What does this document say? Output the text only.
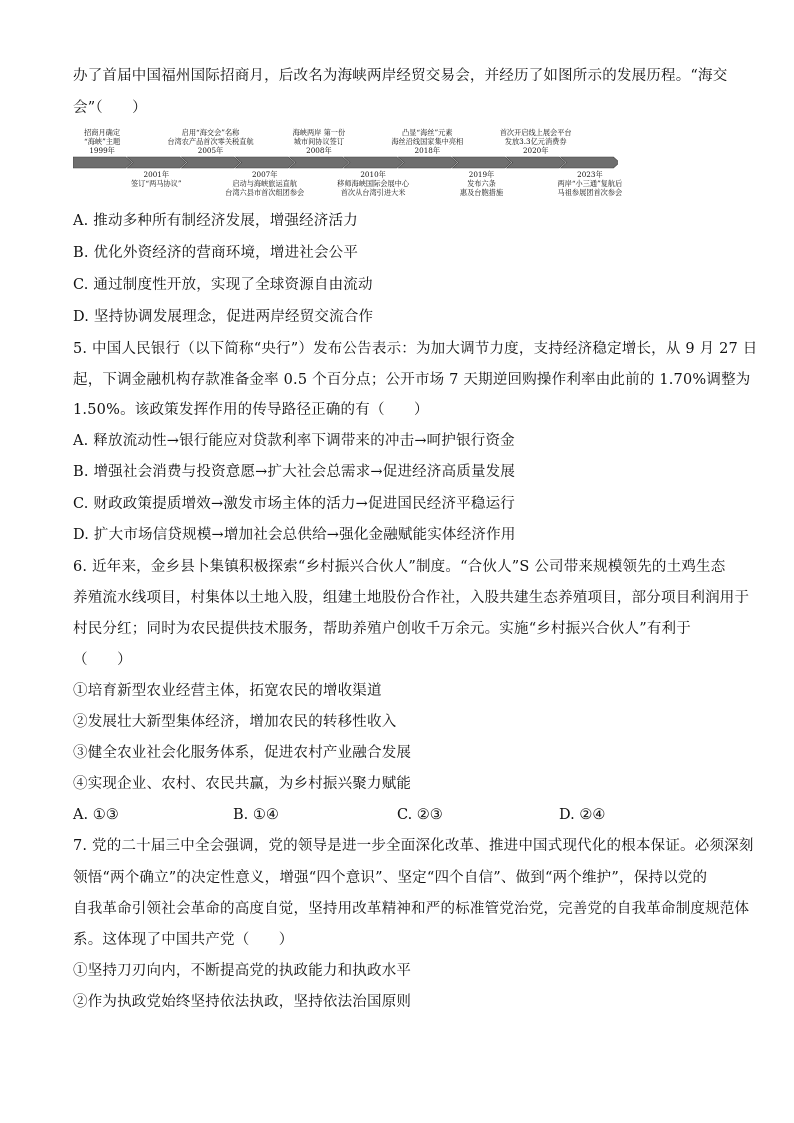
办了首届中国福州国际招商月，后改名为海峡两岸经贸交易会，并经历了如图所示的发展历程。“海交
会”（　　）
招商月确定
“海峡”主题
1999年
2001年
签订“两马协议”
启用“海交会”名称
台湾农产品首次零关税直航
2005年
2007年
启动与海峡旅运直航
台湾六县市首次组团参会
海峡两岸 第一份
城市间协议签订
2008年
2010年
移师海峡国际会展中心
首次从台湾引进大米
凸显“海丝”元素
海丝沿线国家集中亮相
2018年
2019年
发布六条
惠及台胞措施
首次开启线上展会平台
发放3.3亿元消费券
2020年
2023年
两岸“小三通”复航后
马祖参展团首次参会
A. 推动多种所有制经济发展，增强经济活力
B. 优化外资经济的营商环境，增进社会公平
C. 通过制度性开放，实现了全球资源自由流动
D. 坚持协调发展理念，促进两岸经贸交流合作
5. 中国人民银行（以下简称“央行”）发布公告表示：为加大调节力度，支持经济稳定增长，从 9 月 27 日
起，下调金融机构存款准备金率 0.5 个百分点；公开市场 7 天期逆回购操作利率由此前的 1.70%调整为
1.50%。该政策发挥作用的传导路径正确的有（　　）
A. 释放流动性→银行能应对贷款利率下调带来的冲击→呵护银行资金
B. 增强社会消费与投资意愿→扩大社会总需求→促进经济高质量发展
C. 财政政策提质增效→激发市场主体的活力→促进国民经济平稳运行
D. 扩大市场信贷规模→增加社会总供给→强化金融赋能实体经济作用
6. 近年来，金乡县卜集镇积极探索“乡村振兴合伙人”制度。“合伙人”S 公司带来规模领先的土鸡生态
养殖流水线项目，村集体以土地入股，组建土地股份合作社，入股共建生态养殖项目，部分项目利润用于
村民分红；同时为农民提供技术服务，帮助养殖户创收千万余元。实施“乡村振兴合伙人”有利于
（　　）
①培育新型农业经营主体，拓宽农民的增收渠道
②发展壮大新型集体经济，增加农民的转移性收入
③健全农业社会化服务体系，促进农村产业融合发展
④实现企业、农村、农民共赢，为乡村振兴聚力赋能
A. ①③	B. ①④	C. ②③	D. ②④
7. 党的二十届三中全会强调，党的领导是进一步全面深化改革、推进中国式现代化的根本保证。必须深刻
领悟“两个确立”的决定性意义，增强“四个意识”、坚定“四个自信”、做到“两个维护”，保持以党的
自我革命引领社会革命的高度自觉，坚持用改革精神和严的标准管党治党，完善党的自我革命制度规范体
系。这体现了中国共产党（　　）
①坚持刀刃向内，不断提高党的执政能力和执政水平
②作为执政党始终坚持依法执政，坚持依法治国原则
